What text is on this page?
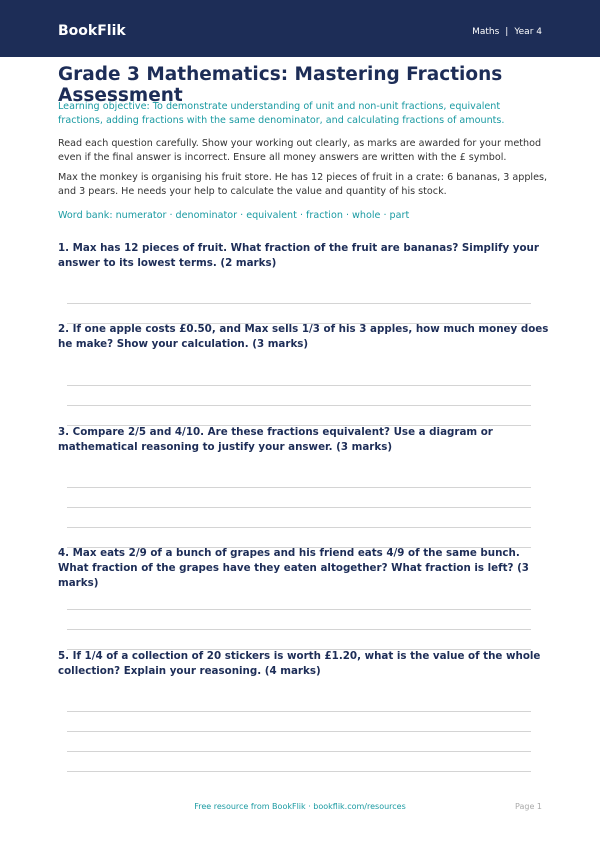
BookFlik	Maths | Year 4
Grade 3 Mathematics: Mastering Fractions Assessment
Learning objective: To demonstrate understanding of unit and non-unit fractions, equivalent fractions, adding fractions with the same denominator, and calculating fractions of amounts.
Read each question carefully. Show your working out clearly, as marks are awarded for your method even if the final answer is incorrect. Ensure all money answers are written with the £ symbol.
Max the monkey is organising his fruit store. He has 12 pieces of fruit in a crate: 6 bananas, 3 apples, and 3 pears. He needs your help to calculate the value and quantity of his stock.
Word bank: numerator · denominator · equivalent · fraction · whole · part
1. Max has 12 pieces of fruit. What fraction of the fruit are bananas? Simplify your answer to its lowest terms. (2 marks)
2. If one apple costs £0.50, and Max sells 1/3 of his 3 apples, how much money does he make? Show your calculation. (3 marks)
3. Compare 2/5 and 4/10. Are these fractions equivalent? Use a diagram or mathematical reasoning to justify your answer. (3 marks)
4. Max eats 2/9 of a bunch of grapes and his friend eats 4/9 of the same bunch. What fraction of the grapes have they eaten altogether? What fraction is left? (3 marks)
5. If 1/4 of a collection of 20 stickers is worth £1.20, what is the value of the whole collection? Explain your reasoning. (4 marks)
Free resource from BookFlik · bookflik.com/resources	Page 1
